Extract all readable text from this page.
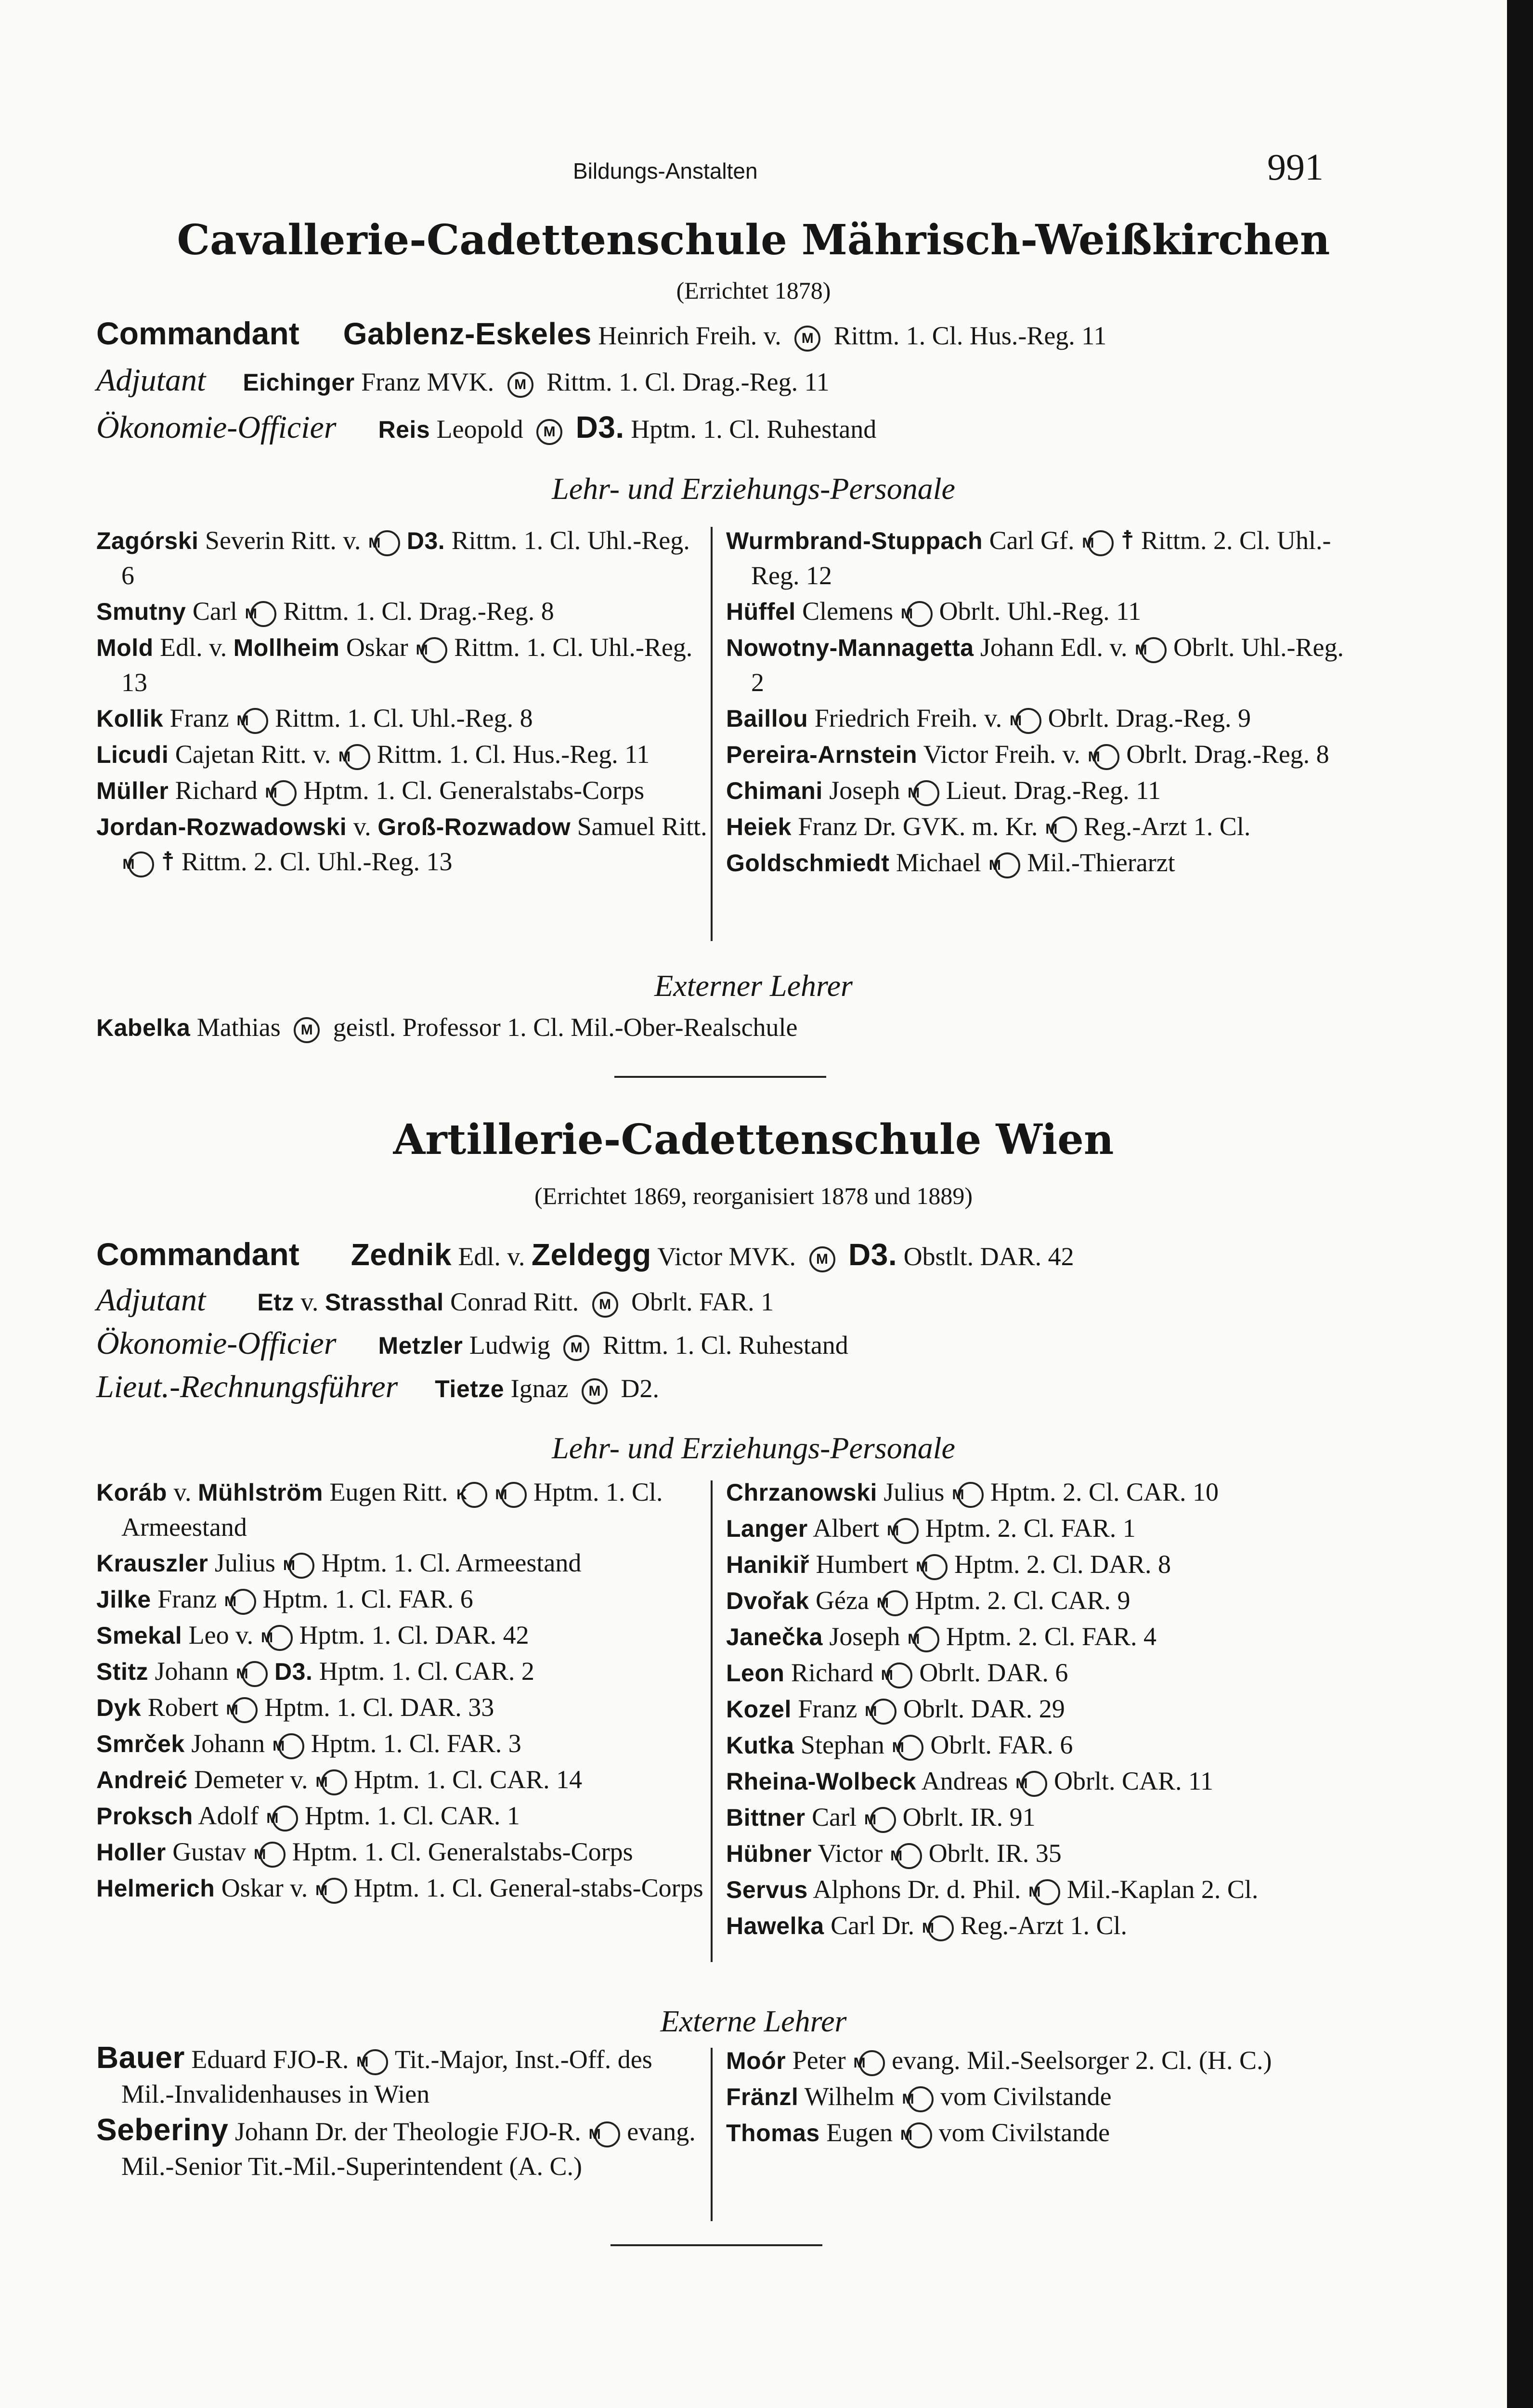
Bildungs-Anstalten	991
Cavallerie-Cadettenschule Mährisch-Weißkirchen
(Errichtet 1878)
Commandant Gablenz-Eskeles Heinrich Freih. v. M Rittm. 1. Cl. Hus.-Reg. 11
Adjutant Eichinger Franz MVK. M Rittm. 1. Cl. Drag.-Reg. 11
Ökonomie-Officier Reis Leopold M D3. Hptm. 1. Cl. Ruhestand
Lehr- und Erziehungs-Personale
Zagórski Severin Ritt. v. M D3. Rittm. 1. Cl. Uhl.-Reg. 6
Smutny Carl M Rittm. 1. Cl. Drag.-Reg. 8
Mold Edl. v. Mollheim Oskar M Rittm. 1. Cl. Uhl.-Reg. 13
Kollik Franz M Rittm. 1. Cl. Uhl.-Reg. 8
Licudi Cajetan Ritt. v. M Rittm. 1. Cl. Hus.-Reg. 11
Müller Richard M Hptm. 1. Cl. Generalstabs-Corps
Jordan-Rozwadowski v. Groß-Rozwadow Samuel Ritt. M ☨ Rittm. 2. Cl. Uhl.-Reg. 13
Wurmbrand-Stuppach Carl Gf. M ☨ Rittm. 2. Cl. Uhl.-Reg. 12
Hüffel Clemens M Obrlt. Uhl.-Reg. 11
Nowotny-Mannagetta Johann Edl. v. M Obrlt. Uhl.-Reg. 2
Baillou Friedrich Freih. v. M Obrlt. Drag.-Reg. 9
Pereira-Arnstein Victor Freih. v. M Obrlt. Drag.-Reg. 8
Chimani Joseph M Lieut. Drag.-Reg. 11
Heiek Franz Dr. GVK. m. Kr. M Reg.-Arzt 1. Cl.
Goldschmiedt Michael M Mil.-Thierarzt
Externer Lehrer
Kabelka Mathias M geistl. Professor 1. Cl. Mil.-Ober-Realschule
Artillerie-Cadettenschule Wien
(Errichtet 1869, reorganisiert 1878 und 1889)
Commandant Zednik Edl. v. Zeldegg Victor MVK. M D3. Obstlt. DAR. 42
Adjutant Etz v. Strassthal Conrad Ritt. M Obrlt. FAR. 1
Ökonomie-Officier Metzler Ludwig M Rittm. 1. Cl. Ruhestand
Lieut.-Rechnungsführer Tietze Ignaz M D2.
Lehr- und Erziehungs-Personale
Koráb v. Mühlström Eugen Ritt. K M Hptm. 1. Cl. Armeestand
Krauszler Julius M Hptm. 1. Cl. Armeestand
Jilke Franz M Hptm. 1. Cl. FAR. 6
Smekal Leo v. M Hptm. 1. Cl. DAR. 42
Stitz Johann M D3. Hptm. 1. Cl. CAR. 2
Dyk Robert M Hptm. 1. Cl. DAR. 33
Smrček Johann M Hptm. 1. Cl. FAR. 3
Andreić Demeter v. M Hptm. 1. Cl. CAR. 14
Proksch Adolf M Hptm. 1. Cl. CAR. 1
Holler Gustav M Hptm. 1. Cl. Generalstabs-Corps
Helmerich Oskar v. M Hptm. 1. Cl. General-stabs-Corps
Chrzanowski Julius M Hptm. 2. Cl. CAR. 10
Langer Albert M Hptm. 2. Cl. FAR. 1
Hanikiř Humbert M Hptm. 2. Cl. DAR. 8
Dvořak Géza M Hptm. 2. Cl. CAR. 9
Janečka Joseph M Hptm. 2. Cl. FAR. 4
Leon Richard M Obrlt. DAR. 6
Kozel Franz M Obrlt. DAR. 29
Kutka Stephan M Obrlt. FAR. 6
Rheina-Wolbeck Andreas M Obrlt. CAR. 11
Bittner Carl M Obrlt. IR. 91
Hübner Victor M Obrlt. IR. 35
Servus Alphons Dr. d. Phil. M Mil.-Kaplan 2. Cl.
Hawelka Carl Dr. M Reg.-Arzt 1. Cl.
Externe Lehrer
Bauer Eduard FJO-R. M Tit.-Major, Inst.-Off. des Mil.-Invalidenhauses in Wien
Seberiny Johann Dr. der Theologie FJO-R. M evang. Mil.-Senior Tit.-Mil.-Superintendent (A. C.)
Moór Peter M evang. Mil.-Seelsorger 2. Cl. (H. C.)
Fränzl Wilhelm M vom Civilstande
Thomas Eugen M vom Civilstande
